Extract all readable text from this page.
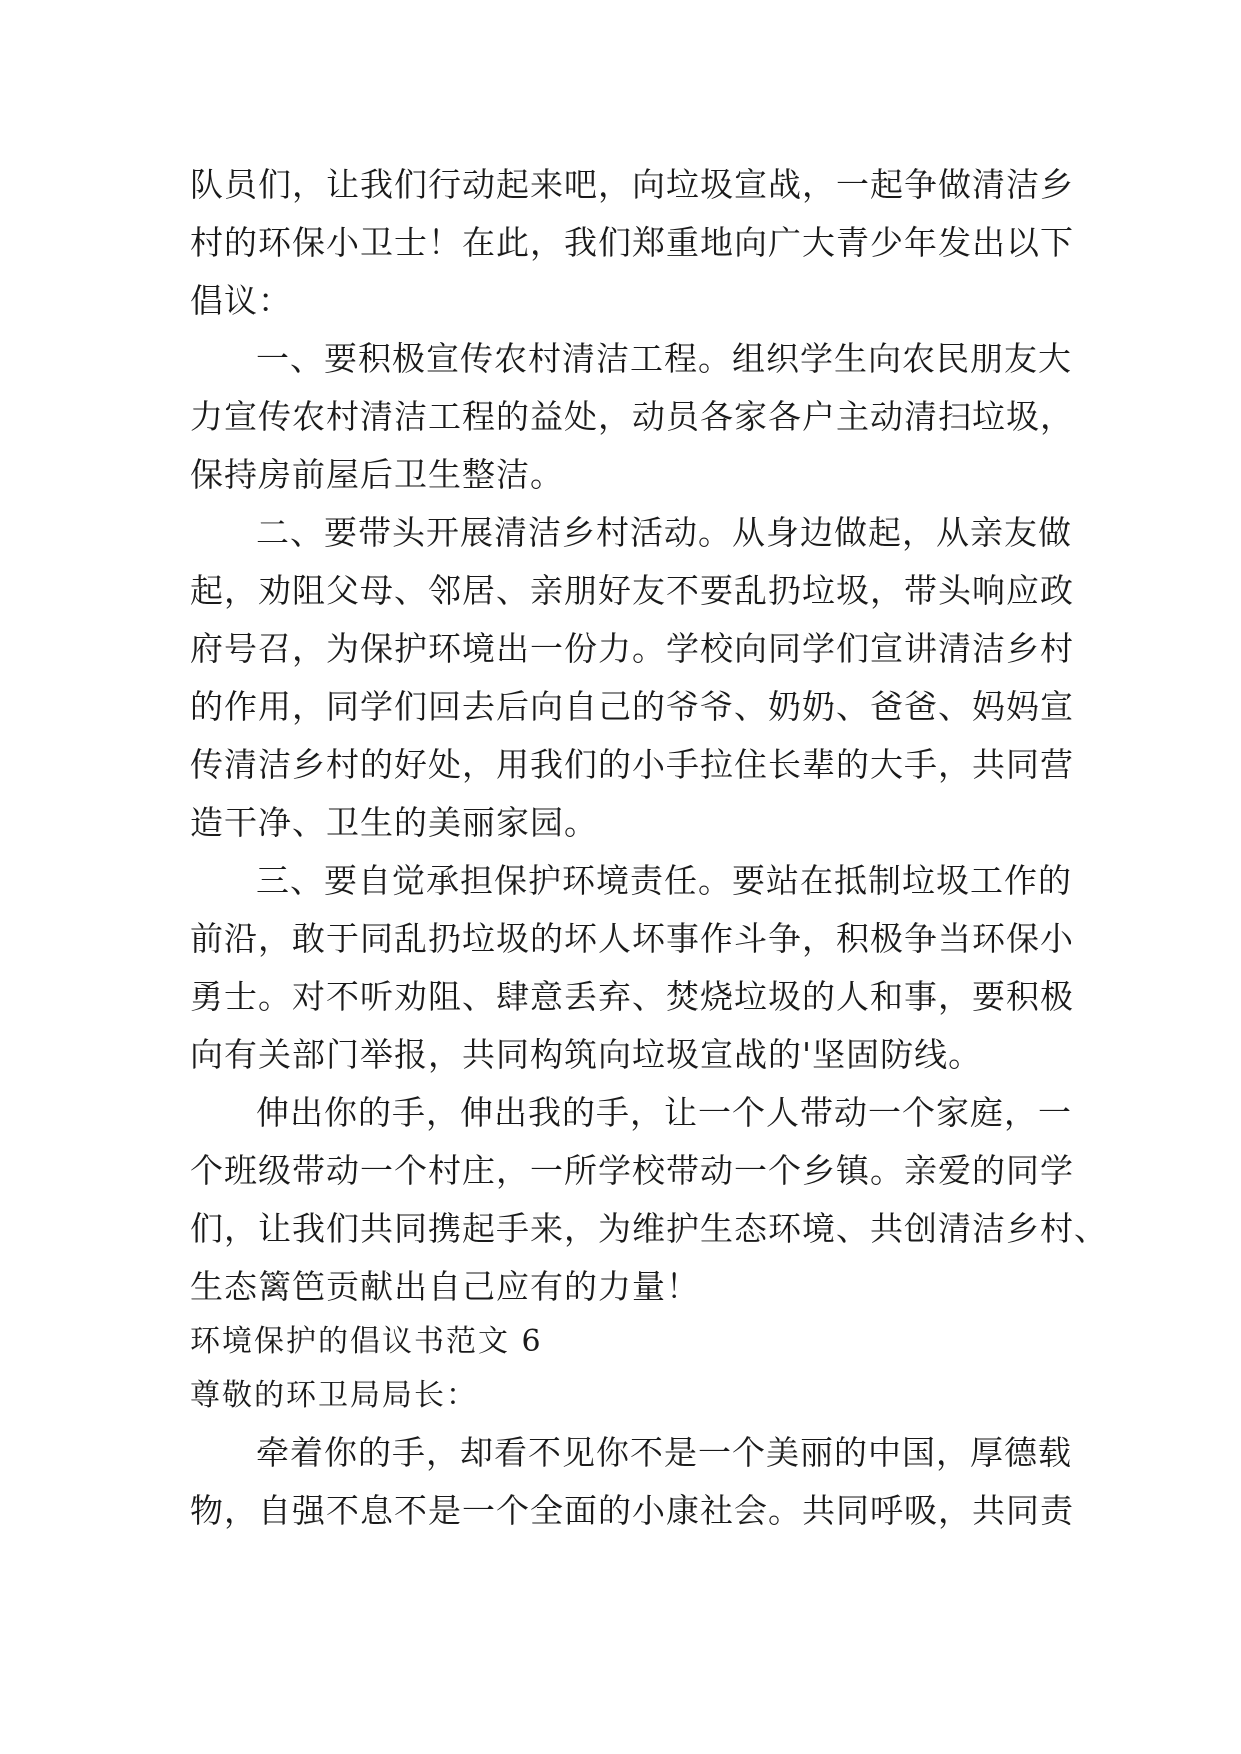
队员们，让我们行动起来吧，向垃圾宣战，一起争做清洁乡
村的环保小卫士！在此，我们郑重地向广大青少年发出以下
倡议：
一、要积极宣传农村清洁工程。组织学生向农民朋友大
力宣传农村清洁工程的益处，动员各家各户主动清扫垃圾，
保持房前屋后卫生整洁。
二、要带头开展清洁乡村活动。从身边做起，从亲友做
起，劝阻父母、邻居、亲朋好友不要乱扔垃圾，带头响应政
府号召，为保护环境出一份力。学校向同学们宣讲清洁乡村
的作用，同学们回去后向自己的爷爷、奶奶、爸爸、妈妈宣
传清洁乡村的好处，用我们的小手拉住长辈的大手，共同营
造干净、卫生的美丽家园。
三、要自觉承担保护环境责任。要站在抵制垃圾工作的
前沿，敢于同乱扔垃圾的坏人坏事作斗争，积极争当环保小
勇士。对不听劝阻、肆意丢弃、焚烧垃圾的人和事，要积极
向有关部门举报，共同构筑向垃圾宣战的'坚固防线。
伸出你的手，伸出我的手，让一个人带动一个家庭，一
个班级带动一个村庄，一所学校带动一个乡镇。亲爱的同学
们，让我们共同携起手来，为维护生态环境、共创清洁乡村、
生态篱笆贡献出自己应有的力量！
环境保护的倡议书范文 6
尊敬的环卫局局长：
牵着你的手，却看不见你不是一个美丽的中国，厚德载
物，自强不息不是一个全面的小康社会。共同呼吸，共同责
